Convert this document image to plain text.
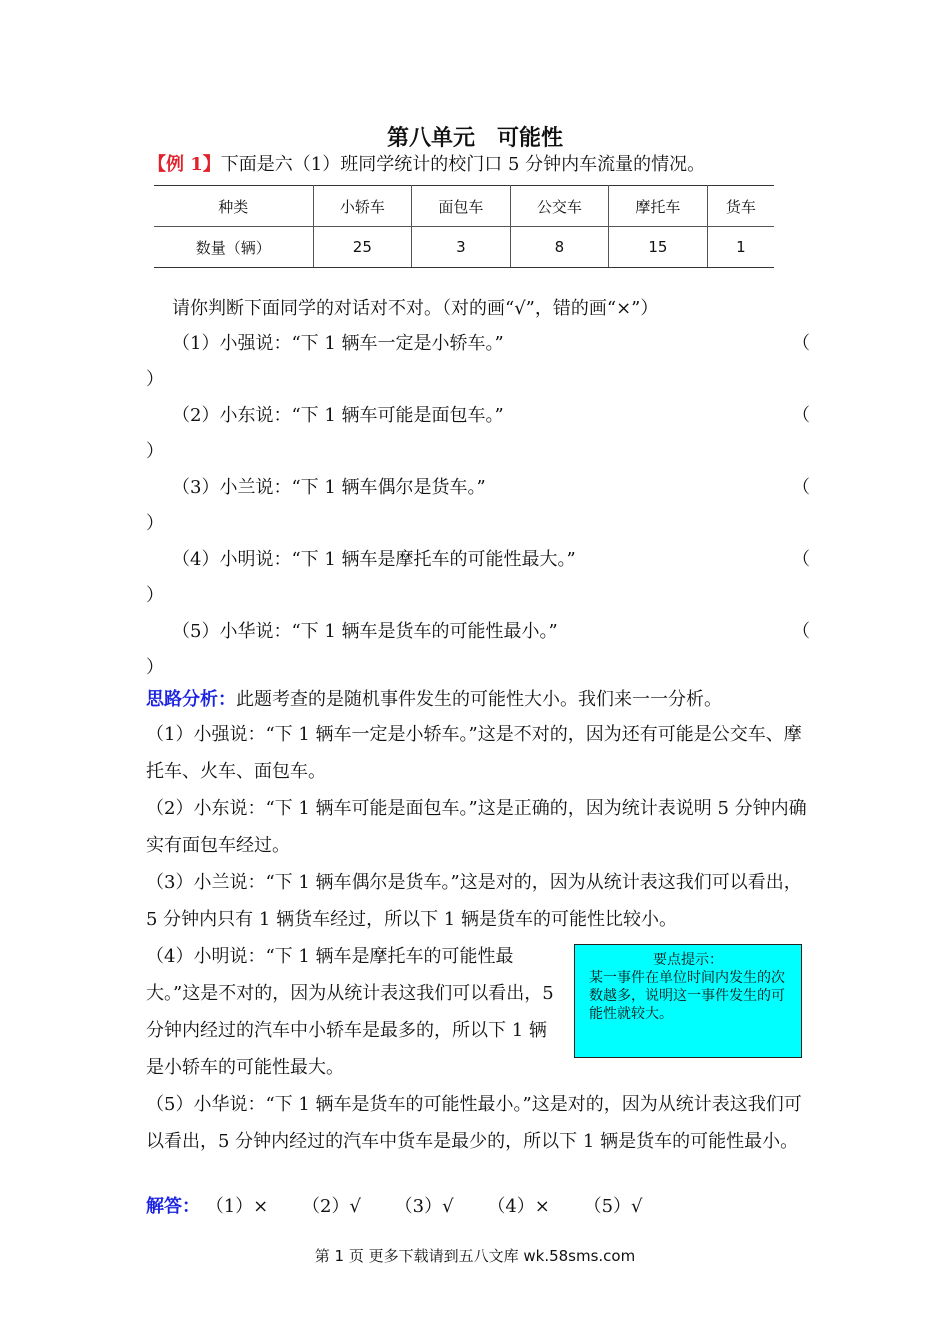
第八单元 可能性
【例 1】下面是六（1）班同学统计的校门口 5 分钟内车流量的情况。
种类	小轿车	面包车	公交车	摩托车	货车
数量（辆）	25	3	8	15	1
请你判断下面同学的对话对不对。（对的画“√”，错的画“×”）
（1）小强说：“下 1 辆车一定是小轿车。”	（
）
（2）小东说：“下 1 辆车可能是面包车。”	（
）
（3）小兰说：“下 1 辆车偶尔是货车。”	（
）
（4）小明说：“下 1 辆车是摩托车的可能性最大。”	（
）
（5）小华说：“下 1 辆车是货车的可能性最小。”	（
）
思路分析：此题考查的是随机事件发生的可能性大小。我们来一一分析。
（1）小强说：“下 1 辆车一定是小轿车。”这是不对的，因为还有可能是公交车、摩托车、火车、面包车。
（2）小东说：“下 1 辆车可能是面包车。”这是正确的，因为统计表说明 5 分钟内确实有面包车经过。
（3）小兰说：“下 1 辆车偶尔是货车。”这是对的，因为从统计表这我们可以看出，5 分钟内只有 1 辆货车经过，所以下 1 辆是货车的可能性比较小。
（4）小明说：“下 1 辆车是摩托车的可能性最大。”这是不对的，因为从统计表这我们可以看出，5 分钟内经过的汽车中小轿车是最多的，所以下 1 辆是小轿车的可能性最大。
要点提示：
某一事件在单位时间内发生的次数越多，说明这一事件发生的可能性就较大。
（5）小华说：“下 1 辆车是货车的可能性最小。”这是对的，因为从统计表这我们可以看出，5 分钟内经过的汽车中货车是最少的，所以下 1 辆是货车的可能性最小。
解答： （1）× （2）√ （3）√ （4）× （5）√
第 1 页 更多下载请到五八文库 wk.58sms.com
